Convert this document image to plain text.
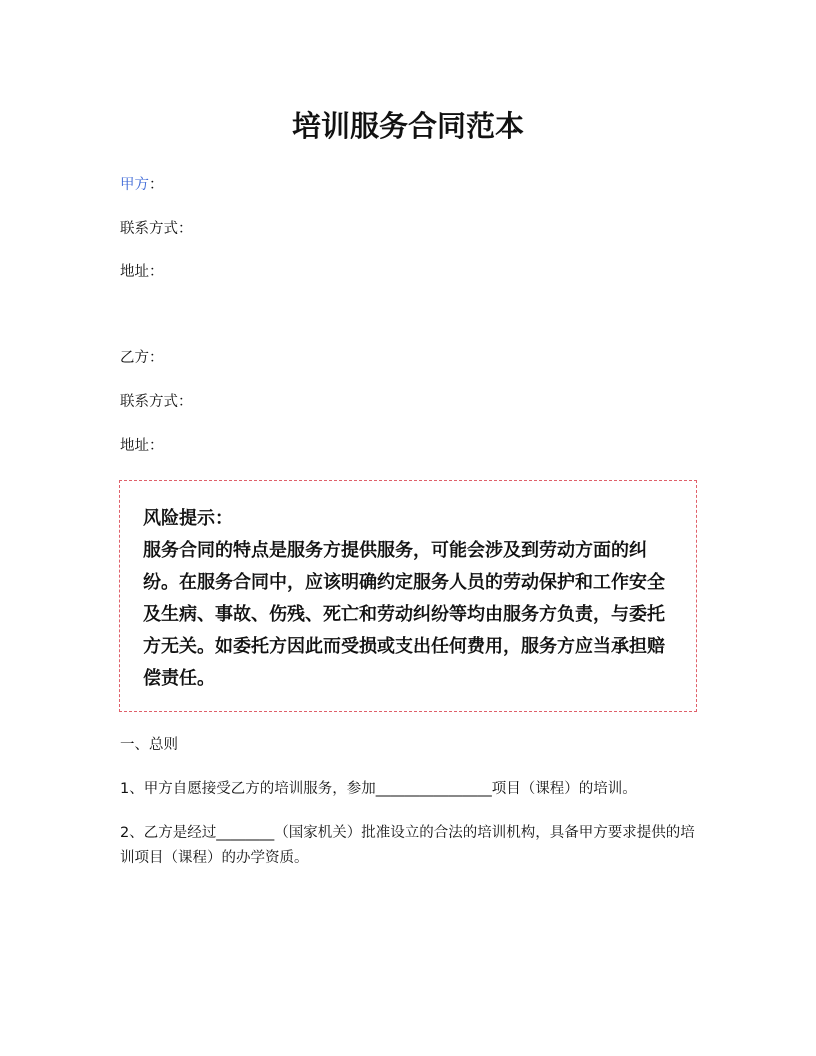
培训服务合同范本
甲方：
联系方式：
地址：
乙方：
联系方式：
地址：
风险提示：
服务合同的特点是服务方提供服务，可能会涉及到劳动方面的纠纷。在服务合同中，应该明确约定服务人员的劳动保护和工作安全及生病、事故、伤残、死亡和劳动纠纷等均由服务方负责，与委托方无关。如委托方因此而受损或支出任何费用，服务方应当承担赔偿责任。
一、总则
1、甲方自愿接受乙方的培训服务，参加________________项目（课程）的培训。
2、乙方是经过________（国家机关）批准设立的合法的培训机构，具备甲方要求提供的培训项目（课程）的办学资质。
